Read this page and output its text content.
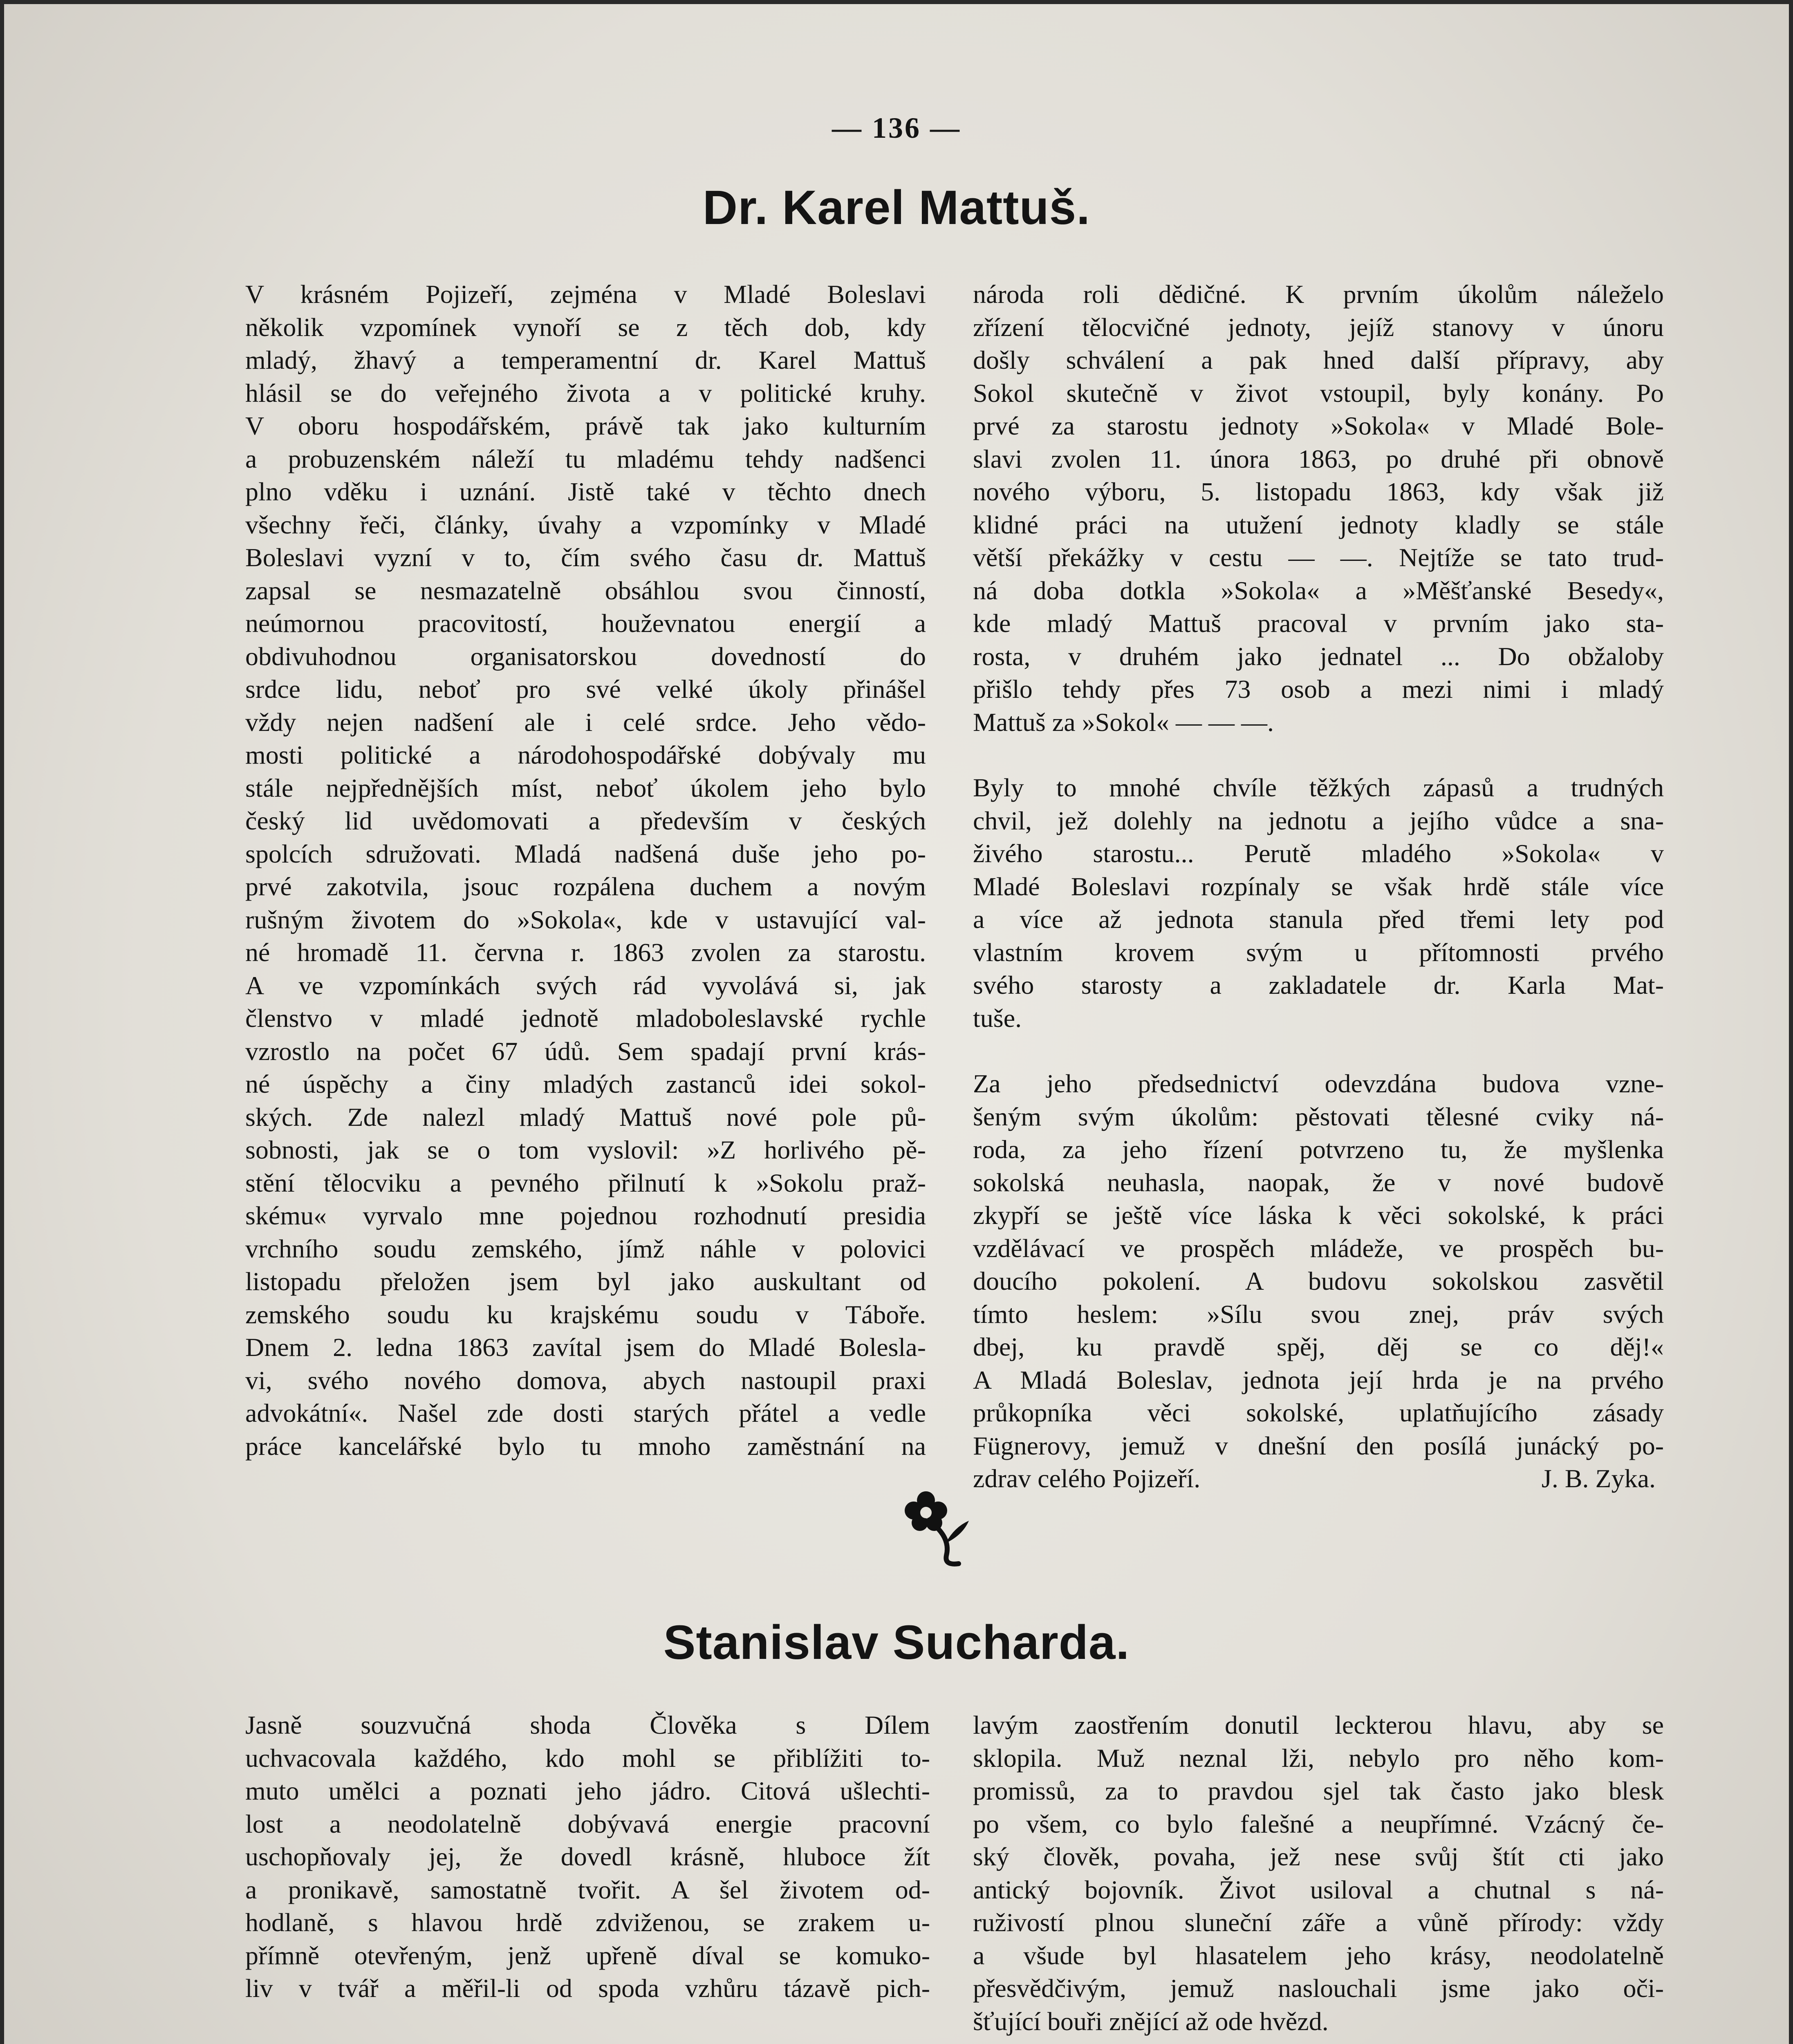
— 136 —
Dr. Karel Mattuš.
V krásném Pojizeří, zejména v Mladé Boleslavi
několik vzpomínek vynoří se z těch dob, kdy
mladý, žhavý a temperamentní dr. Karel Mattuš
hlásil se do veřejného života a v politické kruhy.
V oboru hospodářském, právě tak jako kulturním
a probuzenském náleží tu mladému tehdy nadšenci
plno vděku i uznání. Jistě také v těchto dnech
všechny řeči, články, úvahy a vzpomínky v Mladé
Boleslavi vyzní v to, čím svého času dr. Mattuš
zapsal se nesmazatelně obsáhlou svou činností,
neúmornou pracovitostí, houževnatou energií a
obdivuhodnou organisatorskou dovedností do
srdce lidu, neboť pro své velké úkoly přinášel
vždy nejen nadšení ale i celé srdce. Jeho vědo-
mosti politické a národohospodářské dobývaly mu
stále nejpřednějších míst, neboť úkolem jeho bylo
český lid uvědomovati a především v českých
spolcích sdružovati. Mladá nadšená duše jeho po-
prvé zakotvila, jsouc rozpálena duchem a novým
rušným životem do »Sokola«, kde v ustavující val-
né hromadě 11. června r. 1863 zvolen za starostu.
A ve vzpomínkách svých rád vyvolává si, jak
členstvo v mladé jednotě mladoboleslavské rychle
vzrostlo na počet 67 údů. Sem spadají první krás-
né úspěchy a činy mladých zastanců idei sokol-
ských. Zde nalezl mladý Mattuš nové pole pů-
sobnosti, jak se o tom vyslovil: »Z horlivého pě-
stění tělocviku a pevného přilnutí k »Sokolu praž-
skému« vyrvalo mne pojednou rozhodnutí presidia
vrchního soudu zemského, jímž náhle v polovici
listopadu přeložen jsem byl jako auskultant od
zemského soudu ku krajskému soudu v Táboře.
Dnem 2. ledna 1863 zavítal jsem do Mladé Bolesla-
vi, svého nového domova, abych nastoupil praxi
advokátní«. Našel zde dosti starých přátel a vedle
práce kancelářské bylo tu mnoho zaměstnání na
národa roli dědičné. K prvním úkolům náleželo
zřízení tělocvičné jednoty, jejíž stanovy v únoru
došly schválení a pak hned další přípravy, aby
Sokol skutečně v život vstoupil, byly konány. Po
prvé za starostu jednoty »Sokola« v Mladé Bole-
slavi zvolen 11. února 1863, po druhé při obnově
nového výboru, 5. listopadu 1863, kdy však již
klidné práci na utužení jednoty kladly se stále
větší překážky v cestu — —. Nejtíže se tato trud-
ná doba dotkla »Sokola« a »Měšťanské Besedy«,
kde mladý Mattuš pracoval v prvním jako sta-
rosta, v druhém jako jednatel ... Do obžaloby
přišlo tehdy přes 73 osob a mezi nimi i mladý
Mattuš za »Sokol« — — —.
Byly to mnohé chvíle těžkých zápasů a trudných
chvil, jež dolehly na jednotu a jejího vůdce a sna-
živého starostu... Perutě mladého »Sokola« v
Mladé Boleslavi rozpínaly se však hrdě stále více
a více až jednota stanula před třemi lety pod
vlastním krovem svým u přítomnosti prvého
svého starosty a zakladatele dr. Karla Mat-
tuše.
Za jeho předsednictví odevzdána budova vzne-
šeným svým úkolům: pěstovati tělesné cviky ná-
roda, za jeho řízení potvrzeno tu, že myšlenka
sokolská neuhasla, naopak, že v nové budově
zkypří se ještě více láska k věci sokolské, k práci
vzdělávací ve prospěch mládeže, ve prospěch bu-
doucího pokolení. A budovu sokolskou zasvětil
tímto heslem: »Sílu svou znej, práv svých
dbej, ku pravdě spěj, děj se co děj!«
A Mladá Boleslav, jednota její hrda je na prvého
průkopníka věci sokolské, uplatňujícího zásady
Fügnerovy, jemuž v dnešní den posílá junácký po-
zdrav celého Pojizeří.	J. B. Zyka.
Stanislav Sucharda.
Jasně souzvučná shoda Člověka s Dílem
uchvacovala každého, kdo mohl se přiblížiti to-
muto umělci a poznati jeho jádro. Citová ušlechti-
lost a neodolatelně dobývavá energie pracovní
uschopňovaly jej, že dovedl krásně, hluboce žít
a pronikavě, samostatně tvořit. A šel životem od-
hodlaně, s hlavou hrdě zdviženou, se zrakem u-
přímně otevřeným, jenž upřeně díval se komuko-
liv v tvář a měřil-li od spoda vzhůru tázavě pich-
lavým zaostřením donutil leckterou hlavu, aby se
sklopila. Muž neznal lži, nebylo pro něho kom-
promissů, za to pravdou sjel tak často jako blesk
po všem, co bylo falešné a neupřímné. Vzácný če-
ský člověk, povaha, jež nese svůj štít cti jako
antický bojovník. Život usiloval a chutnal s ná-
ruživostí plnou sluneční záře a vůně přírody: vždy
a všude byl hlasatelem jeho krásy, neodolatelně
přesvědčivým, jemuž naslouchali jsme jako oči-
šťující bouři znějící až ode hvězd.
